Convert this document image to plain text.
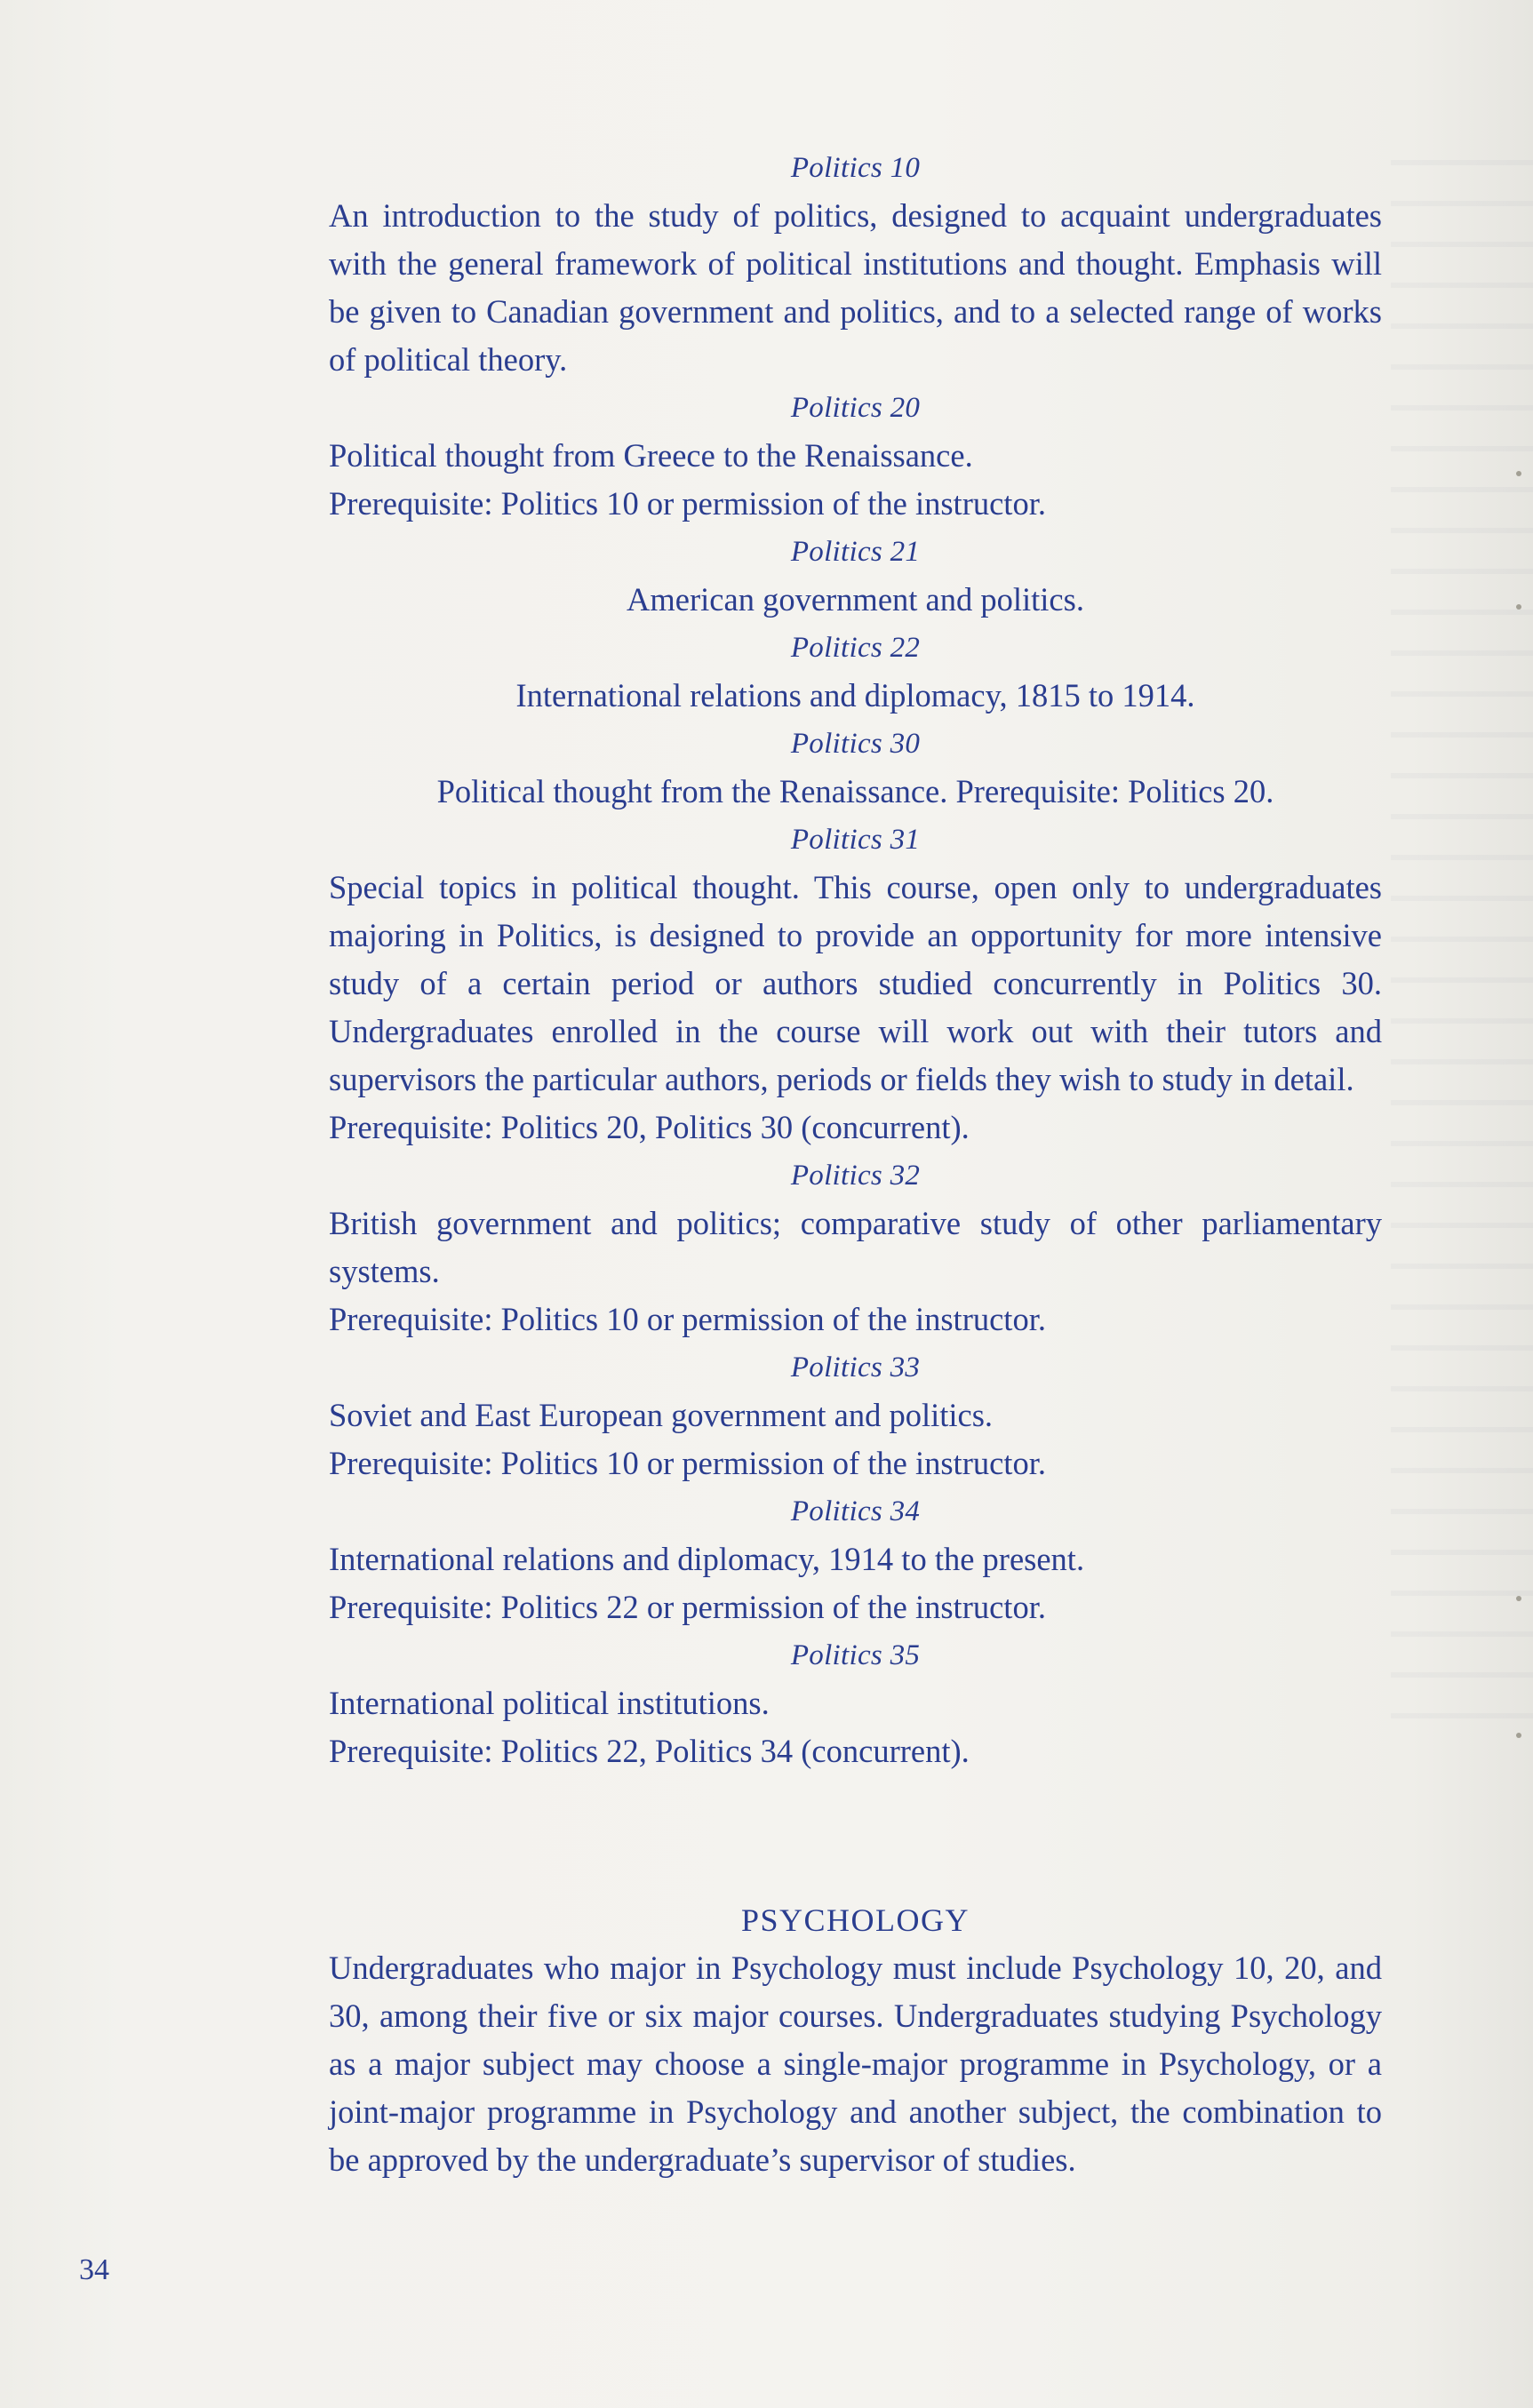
Politics 10

An introduction to the study of politics, designed to acquaint undergraduates with the general framework of political institutions and thought. Emphasis will be given to Canadian government and politics, and to a selected range of works of political theory.

Politics 20

Political thought from Greece to the Renaissance.

Prerequisite: Politics 10 or permission of the instructor.

Politics 21

American government and politics.

Politics 22

International relations and diplomacy, 1815 to 1914.

Politics 30

Political thought from the Renaissance. Prerequisite: Politics 20.

Politics 31

Special topics in political thought. This course, open only to undergraduates majoring in Politics, is designed to provide an opportunity for more intensive study of a certain period or authors studied concurrently in Politics 30. Undergraduates enrolled in the course will work out with their tutors and supervisors the particular authors, periods or fields they wish to study in detail.

Prerequisite: Politics 20, Politics 30 (concurrent).

Politics 32

British government and politics; comparative study of other parliamentary systems.

Prerequisite: Politics 10 or permission of the instructor.

Politics 33

Soviet and East European government and politics.

Prerequisite: Politics 10 or permission of the instructor.

Politics 34

International relations and diplomacy, 1914 to the present.

Prerequisite: Politics 22 or permission of the instructor.

Politics 35

International political institutions.

Prerequisite: Politics 22, Politics 34 (concurrent).

PSYCHOLOGY

Undergraduates who major in Psychology must include Psychology 10, 20, and 30, among their five or six major courses. Undergraduates studying Psychology as a major subject may choose a single-major programme in Psychology, or a joint-major programme in Psychology and another subject, the combination to be approved by the undergraduate’s supervisor of studies.

34
